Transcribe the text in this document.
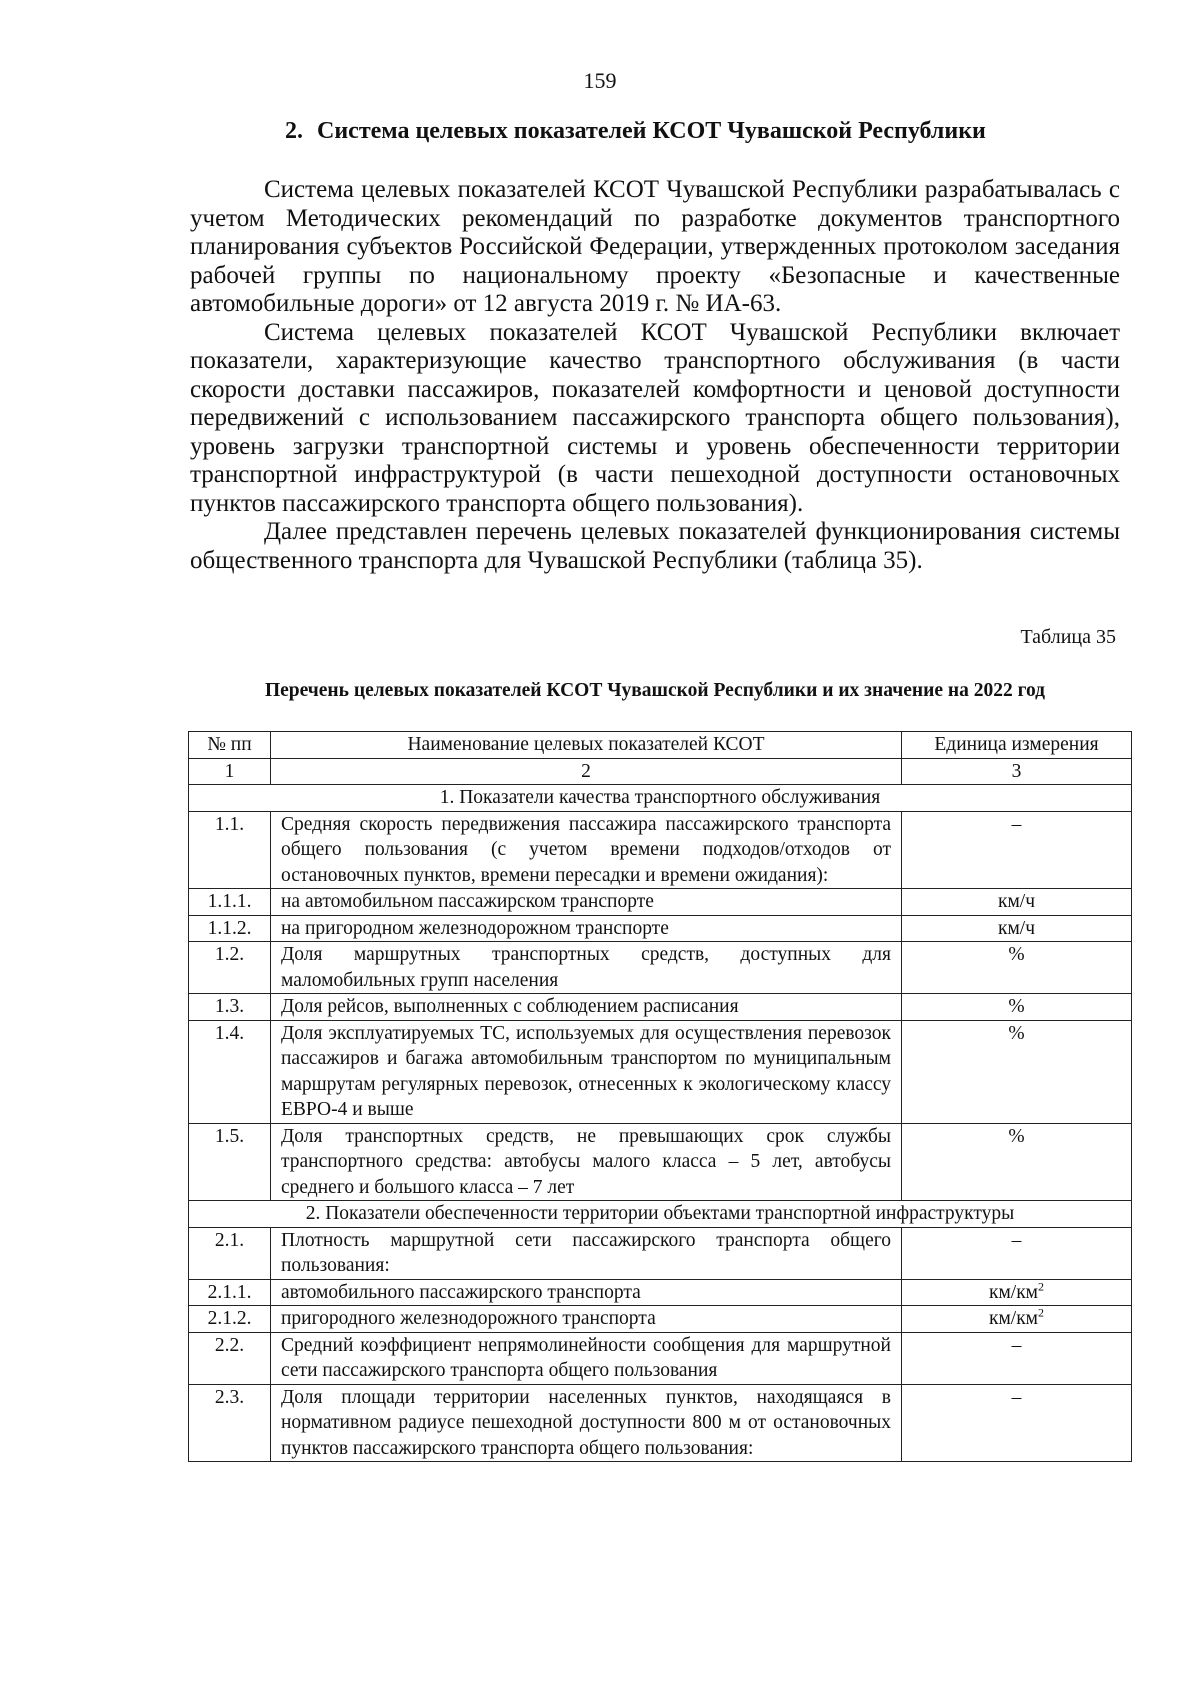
159
2. Система целевых показателей КСОТ Чувашской Республики

Система целевых показателей КСОТ Чувашской Республики разрабатывалась с учетом Методических рекомендаций по разработке документов транспортного планирования субъектов Российской Федерации, утвержденных протоколом заседания рабочей группы по национальному проекту «Безопасные и качественные автомобильные дороги» от 12 августа 2019 г. № ИА-63.

Система целевых показателей КСОТ Чувашской Республики включает показатели, характеризующие качество транспортного обслуживания (в части скорости доставки пассажиров, показателей комфортности и ценовой доступности передвижений с использованием пассажирского транспорта общего пользования), уровень загрузки транспортной системы и уровень обеспеченности территории транспортной инфраструктурой (в части пешеходной доступности остановочных пунктов пассажирского транспорта общего пользования).

Далее представлен перечень целевых показателей функционирования системы общественного транспорта для Чувашской Республики (таблица 35).

Таблица 35
Перечень целевых показателей КСОТ Чувашской Республики и их значение на 2022 год
№ пп	Наименование целевых показателей КСОТ	Единица измерения
1	2	3
1. Показатели качества транспортного обслуживания		
1.1.	Средняя скорость передвижения пассажира пассажирского транспорта общего пользования (с учетом времени подходов/отходов от остановочных пунктов, времени пересадки и времени ожидания):	–
1.1.1.	на автомобильном пассажирском транспорте	км/ч
1.1.2.	на пригородном железнодорожном транспорте	км/ч
1.2.	Доля маршрутных транспортных средств, доступных для маломобильных групп населения	%
1.3.	Доля рейсов, выполненных с соблюдением расписания	%
1.4.	Доля эксплуатируемых ТС, используемых для осуществления перевозок пассажиров и багажа автомобильным транспортом по муниципальным маршрутам регулярных перевозок, отнесенных к экологическому классу ЕВРО-4 и выше	%
1.5.	Доля транспортных средств, не превышающих срок службы транспортного средства: автобусы малого класса – 5 лет, автобусы среднего и большого класса – 7 лет	%
2. Показатели обеспеченности территории объектами транспортной инфраструктуры		
2.1.	Плотность маршрутной сети пассажирского транспорта общего пользования:	–
2.1.1.	автомобильного пассажирского транспорта	$км/км^2$
2.1.2.	пригородного железнодорожного транспорта	$км/км^2$
2.2.	Средний коэффициент непрямолинейности сообщения для маршрутной сети пассажирского транспорта общего пользования	–
2.3.	Доля площади территории населенных пунктов, находящаяся в нормативном радиусе пешеходной доступности 800 м от остановочных пунктов пассажирского транспорта общего пользования:	–
